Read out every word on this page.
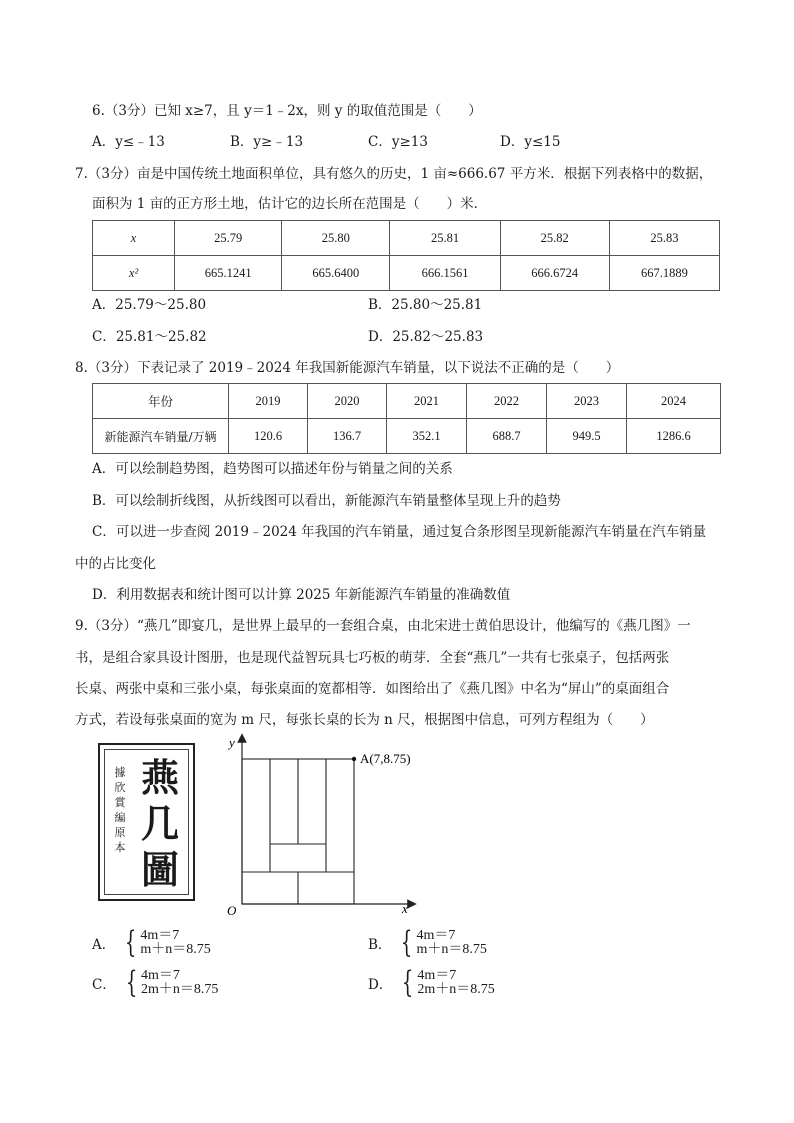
6.（3分）已知 x≥7，且 y＝1﹣2x，则 y 的取值范围是（　　）
A．y≤﹣13	B．y≥﹣13	C．y≥13	D．y≤15
7.（3分）亩是中国传统土地面积单位，具有悠久的历史，1 亩≈666.67 平方米．根据下列表格中的数据，
面积为 1 亩的正方形土地，估计它的边长所在范围是（　　）米．
x	25.79	25.80	25.81	25.82	25.83
x²	665.1241	665.6400	666.1561	666.6724	667.1889
A．25.79～25.80	B．25.80～25.81
C．25.81～25.82	D．25.82～25.83
8.（3分）下表记录了 2019﹣2024 年我国新能源汽车销量，以下说法不正确的是（　　）
年份	2019	2020	2021	2022	2023	2024
新能源汽车销量/万辆	120.6	136.7	352.1	688.7	949.5	1286.6
A．可以绘制趋势图，趋势图可以描述年份与销量之间的关系
B．可以绘制折线图，从折线图可以看出，新能源汽车销量整体呈现上升的趋势
C．可以进一步查阅 2019﹣2024 年我国的汽车销量，通过复合条形图呈现新能源汽车销量在汽车销量
中的占比变化
D．利用数据表和统计图可以计算 2025 年新能源汽车销量的准确数值
9.（3分）“燕几”即宴几，是世界上最早的一套组合桌，由北宋进士黄伯思设计，他编写的《燕几图》一
书，是组合家具设计图册，也是现代益智玩具七巧板的萌芽．全套“燕几”一共有七张桌子，包括两张
长桌、两张中桌和三张小桌，每张桌面的宽都相等．如图给出了《燕几图》中名为“屏山”的桌面组合
方式，若设每张桌面的宽为 m 尺，每张长桌的长为 n 尺，根据图中信息，可列方程组为（　　）
據欣賞編原本
燕几圖
y
x
O
A(7,8.75)
A． { 4m＝7
m＋n＝8.75	B． { 4m＝7
m＋n＝8.75
C． { 4m＝7
2m＋n＝8.75	D． { 4m＝7
2m＋n＝8.75
